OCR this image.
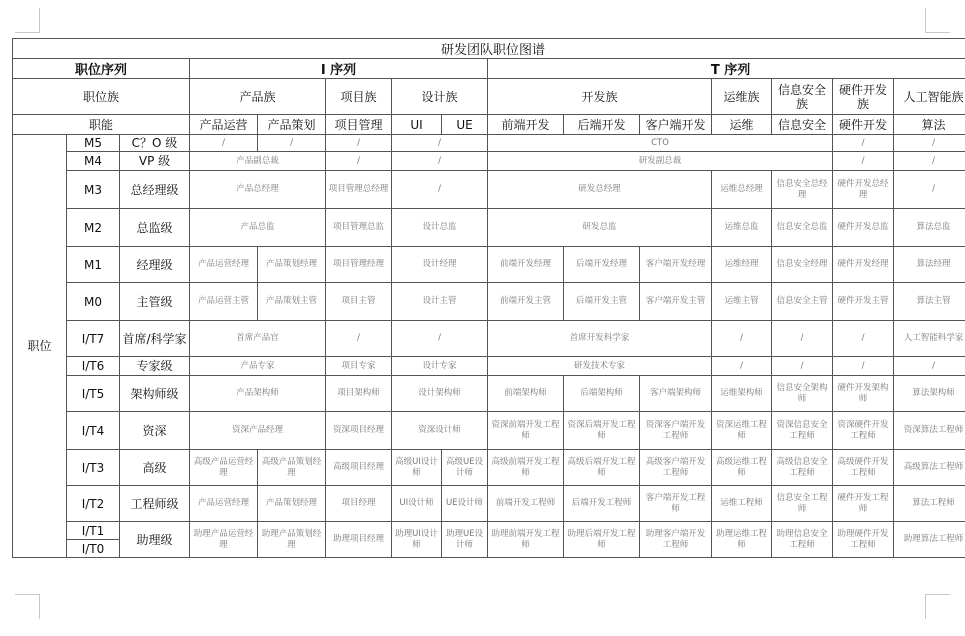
研发团队职位图谱														
职位序列			I 序列					T 序列						
职位族			产品族		项目族	设计族		开发族			运维族	信息安全族	硬件开发族	人工智能族
职能			产品运营	产品策划	项目管理	UI	UE	前端开发	后端开发	客户端开发	运维	信息安全	硬件开发	算法
职位	M5	C？O 级	/	/	/	/		CTO					/	/
	M4	VP 级	产品副总裁		/	/		研发副总裁					/	/
	M3	总经理级	产品总经理		项目管理总经理	/		研发总经理			运维总经理	信息安全总经理	硬件开发总经理	/
	M2	总监级	产品总监		项目管理总监	设计总监		研发总监			运维总监	信息安全总监	硬件开发总监	算法总监
	M1	经理级	产品运营经理	产品策划经理	项目管理经理	设计经理		前端开发经理	后端开发经理	客户端开发经理	运维经理	信息安全经理	硬件开发经理	算法经理
	M0	主管级	产品运营主管	产品策划主管	项目主管	设计主管		前端开发主管	后端开发主管	客户端开发主管	运维主管	信息安全主管	硬件开发主管	算法主管
	I/T7	首席/科学家	首席产品官		/	/		首席开发科学家			/	/	/	人工智能科学家
	I/T6	专家级	产品专家		项目专家	设计专家		研发技术专家			/	/	/	/
	I/T5	架构师级	产品架构师		项目架构师	设计架构师		前端架构师	后端架构师	客户端架构师	运维架构师	信息安全架构师	硬件开发架构师	算法架构师
	I/T4	资深	资深产品经理		资深项目经理	资深设计师		资深前端开发工程师	资深后端开发工程师	资深客户端开发工程师	资深运维工程师	资深信息安全工程师	资深硬件开发工程师	资深算法工程师
	I/T3	高级	高级产品运营经理	高级产品策划经理	高级项目经理	高级UI设计师	高级UE设计师	高级前端开发工程师	高级后端开发工程师	高级客户端开发工程师	高级运维工程师	高级信息安全工程师	高级硬件开发工程师	高级算法工程师
	I/T2	工程师级	产品运营经理	产品策划经理	项目经理	UI设计师	UE设计师	前端开发工程师	后端开发工程师	客户端开发工程师	运维工程师	信息安全工程师	硬件开发工程师	算法工程师
	I/T1	助理级	助理产品运营经理	助理产品策划经理	助理项目经理	助理UI设计师	助理UE设计师	助理前端开发工程师	助理后端开发工程师	助理客户端开发工程师	助理运维工程师	助理信息安全工程师	助理硬件开发工程师	助理算法工程师
	I/T0													
